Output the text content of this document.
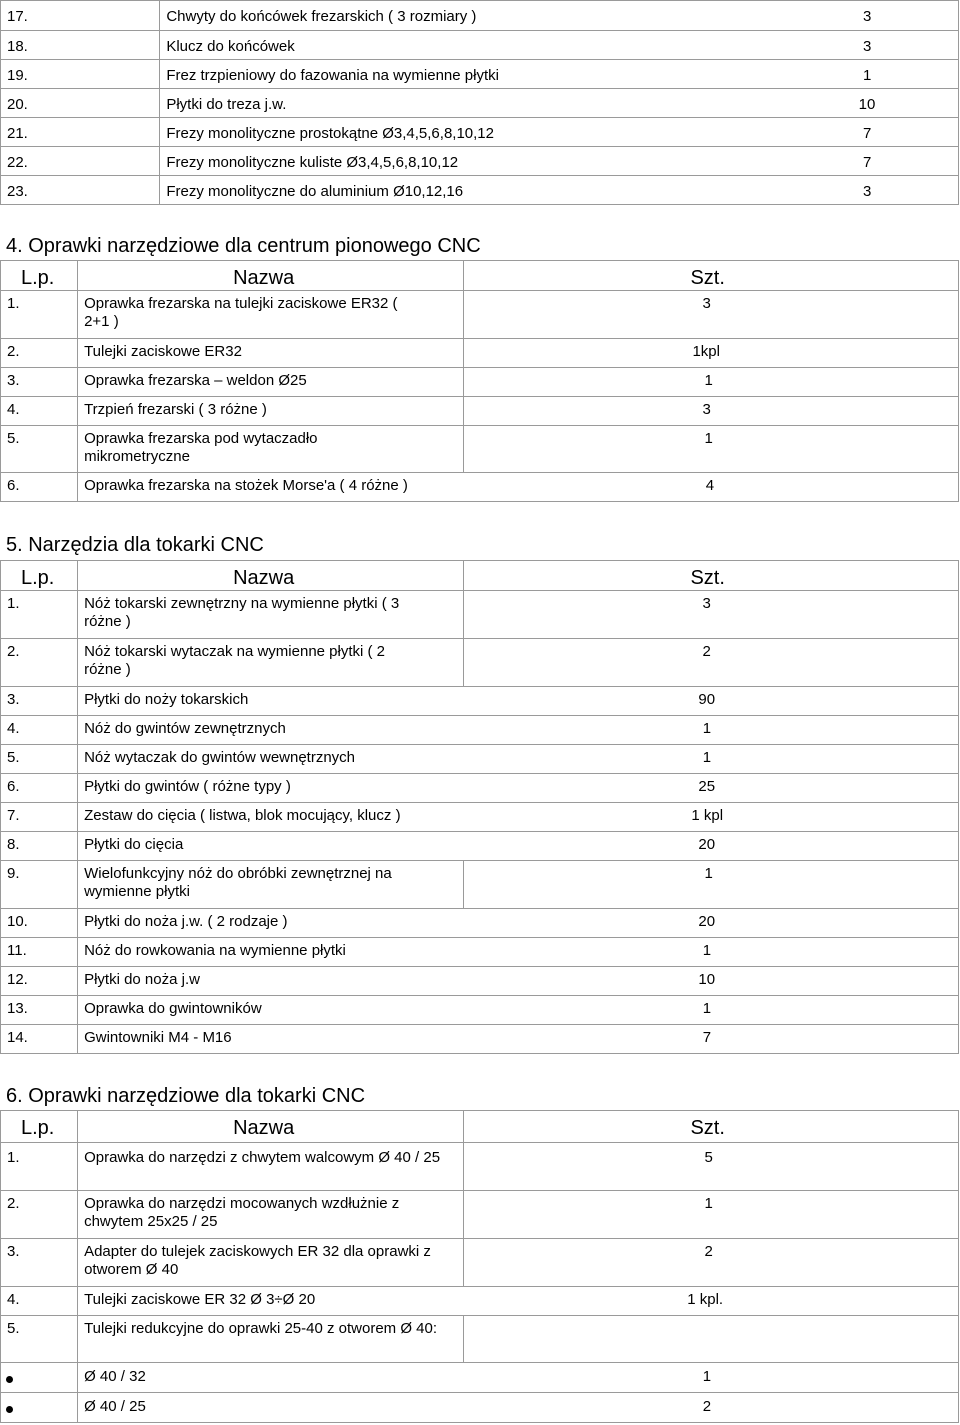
17.	Chwyty do końcówek frezarskich ( 3 rozmiary ) 3

18.	Klucz do końcówek 3

19.	Frez trzpieniowy do fazowania na wymienne płytki 1

20.	Płytki do treza j.w. 10

21.	Frezy monolityczne prostokątne Ø3,4,5,6,8,10,12 7

22.	Frezy monolityczne kuliste Ø3,4,5,6,8,10,12 7

23.	Frezy monolityczne do aluminium Ø10,12,16 3
4. Oprawki narzędziowe dla centrum pionowego CNC
L.p.	Nazwa	Szt.

1.	Oprawka frezarska na tulejki zaciskowe ER32 ( 2+1 )	3

2.	Tulejki zaciskowe ER32	1kpl

3.	Oprawka frezarska – weldon Ø25	1

4.	Trzpień frezarski ( 3 różne )	3

5.	Oprawka frezarska pod wytaczadło mikrometryczne	1

6.	Oprawka frezarska na stożek Morse'a ( 4 różne ) 4	
5. Narzędzia dla tokarki CNC
L.p.	Nazwa	Szt.

1.	Nóż tokarski zewnętrzny na wymienne płytki ( 3 różne )	3

2.	Nóż tokarski wytaczak na wymienne płytki ( 2 różne )	2

3.	Płytki do noży tokarskich 90	

4.	Nóż do gwintów zewnętrznych 1	

5.	Nóż wytaczak do gwintów wewnętrznych 1	

6.	Płytki do gwintów ( różne typy ) 25	

7.	Zestaw do cięcia ( listwa, blok mocujący, klucz ) 1 kpl	

8.	Płytki do cięcia 20	

9.	Wielofunkcyjny nóż do obróbki zewnętrznej na wymienne płytki	1

10.	Płytki do noża j.w. ( 2 rodzaje ) 20	

11.	Nóż do rowkowania na wymienne płytki 1	

12.	Płytki do noża j.w 10	

13.	Oprawka do gwintowników 1	

14.	Gwintowniki M4 - M16 7	
6. Oprawki narzędziowe dla tokarki CNC
L.p.	Nazwa	Szt.

1.	Oprawka do narzędzi z chwytem walcowym Ø 40 / 25	5

2.	Oprawka do narzędzi mocowanych wzdłużnie z chwytem 25x25 / 25	1

3.	Adapter do tulejek zaciskowych ER 32 dla oprawki z otworem Ø 40	2

4.	Tulejki zaciskowe ER 32 Ø 3÷Ø 20 1 kpl.	

5.	Tulejki redukcyjne do oprawki 25-40 z otworem Ø 40:	

	Ø 40 / 32 1	

	Ø 40 / 25 2	
